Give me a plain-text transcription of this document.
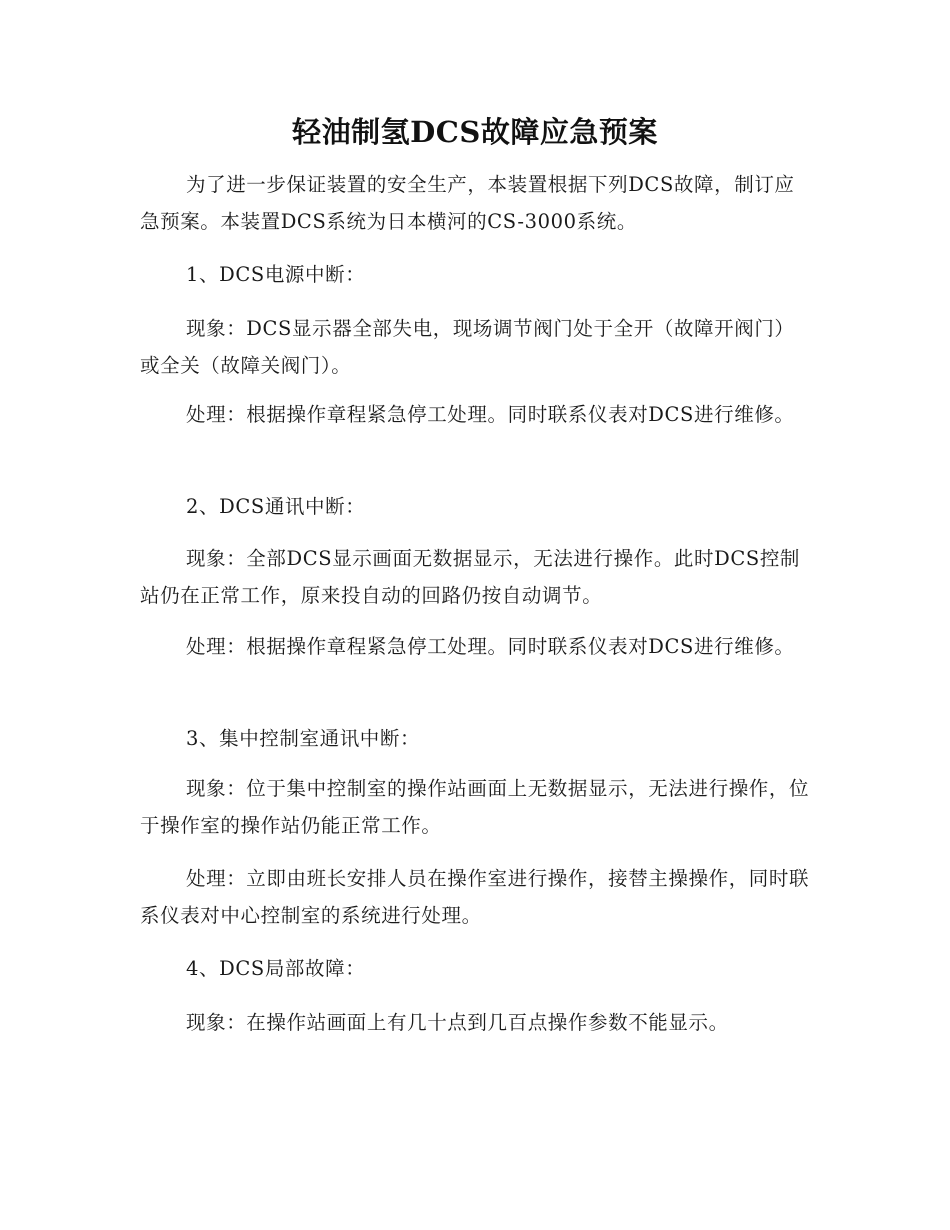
轻油制氢DCS故障应急预案

为了进一步保证装置的安全生产，本装置根据下列DCS故障，制订应急预案。本装置DCS系统为日本横河的CS-3000系统。

1、DCS电源中断：

现象：DCS显示器全部失电，现场调节阀门处于全开（故障开阀门）或全关（故障关阀门）。

处理：根据操作章程紧急停工处理。同时联系仪表对DCS进行维修。

2、DCS通讯中断：

现象：全部DCS显示画面无数据显示，无法进行操作。此时DCS控制站仍在正常工作，原来投自动的回路仍按自动调节。

处理：根据操作章程紧急停工处理。同时联系仪表对DCS进行维修。

3、集中控制室通讯中断：

现象：位于集中控制室的操作站画面上无数据显示，无法进行操作，位于操作室的操作站仍能正常工作。

处理：立即由班长安排人员在操作室进行操作，接替主操操作，同时联系仪表对中心控制室的系统进行处理。

4、DCS局部故障：

现象：在操作站画面上有几十点到几百点操作参数不能显示。
